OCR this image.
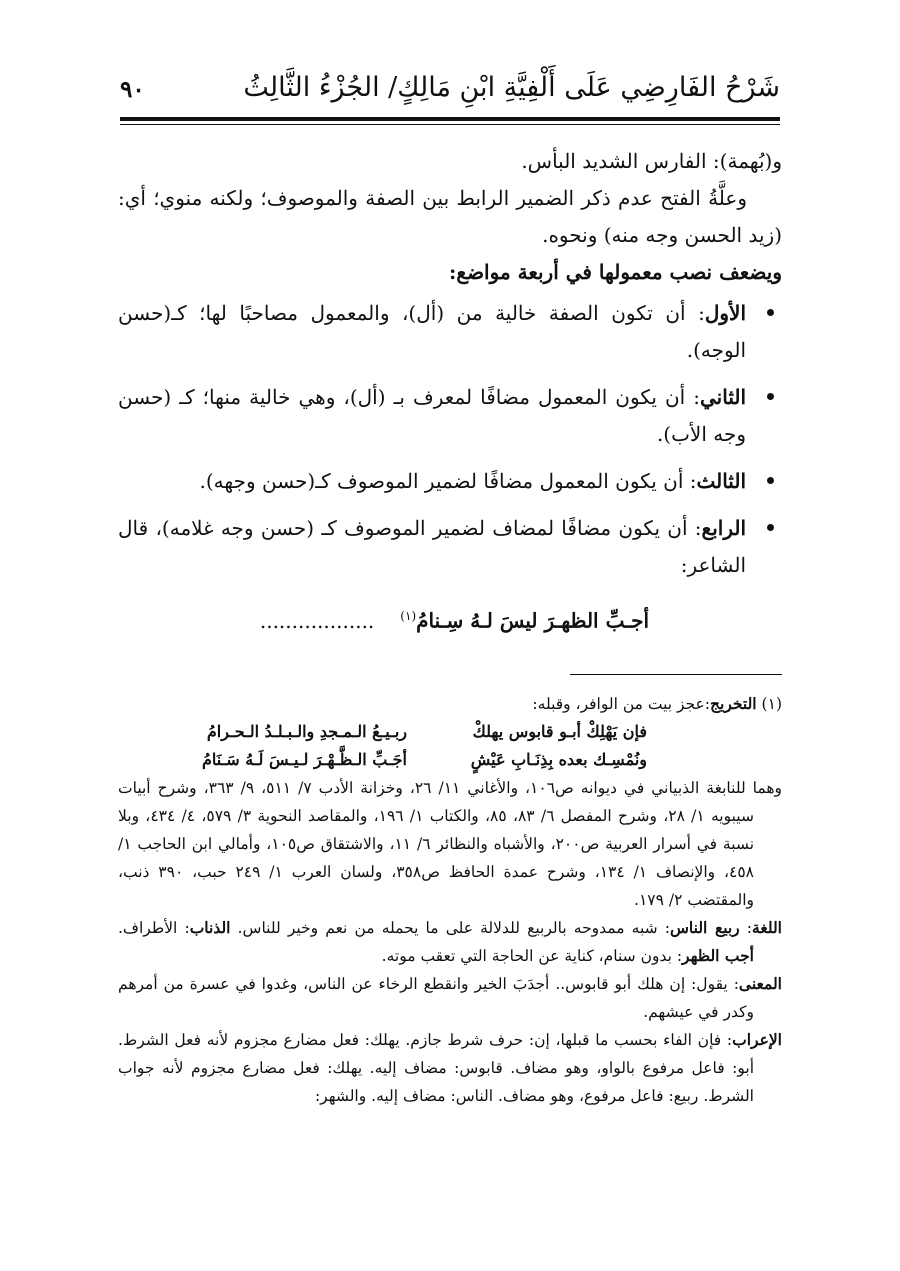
شَرْحُ الفَارِضِي عَلَى أَلْفِيَّةِ ابْنِ مَالِكٍ/ الجُزْءُ الثَّالِثُ
٩٠

و(بُهمة): الفارس الشديد البأس.

وعلَّةُ الفتح عدم ذكر الضمير الرابط بين الصفة والموصوف؛ ولكنه منوي؛ أي: (زيد الحسن وجه منه) ونحوه.

ويضعف نصب معمولها في أربعة مواضع:

الأول: أن تكون الصفة خالية من (أل)، والمعمول مصاحبًا لها؛ كـ(حسن الوجه).
الثاني: أن يكون المعمول مضافًا لمعرف بـ (أل)، وهي خالية منها؛ كـ (حسن وجه الأب).
الثالث: أن يكون المعمول مضافًا لضمير الموصوف كـ(حسن وجهه).
الرابع: أن يكون مضافًا لمضاف لضمير الموصوف كـ (حسن وجه غلامه)، قال الشاعر:
أجـبِّ الظهـرَ ليسَ لـهُ سِـنامُ$^{(١)}$..................

(١) التخريج:عجز بيت من الوافر، وقبله:

فإن يَهْلِكْ أبـو قابوس يهلكْ
ربـيـعُ الـمـجدِ والـبـلـدُ الـحـرامُ
ونُمْسِـك بعده بِذِنَـابِ عَيْشٍ
أجَـبِّ الـظَّـهْـرَ لـيـسَ لَـهُ سَـنَامُ

وهما للنابغة الذبياني في ديوانه ص١٠٦، والأغاني ١١/ ٢٦، وخزانة الأدب ٧/ ٥١١، ٩/ ٣٦٣، وشرح أبيات سيبويه ١/ ٢٨، وشرح المفصل ٦/ ٨٣، ٨٥، والكتاب ١/ ١٩٦، والمقاصد النحوية ٣/ ٥٧٩، ٤/ ٤٣٤، وبلا نسبة في أسرار العربية ص٢٠٠، والأشباه والنظائر ٦/ ١١، والاشتقاق ص١٠٥، وأمالي ابن الحاجب ١/ ٤٥٨، والإنصاف ١/ ١٣٤، وشرح عمدة الحافظ ص٣٥٨، ولسان العرب ١/ ٢٤٩ حبب، ٣٩٠ ذنب، والمقتضب ٢/ ١٧٩.

اللغة: ربيع الناس: شبه ممدوحه بالربيع للدلالة على ما يحمله من نعم وخير للناس. الذناب: الأطراف. أجب الظهر: بدون سنام، كناية عن الحاجة التي تعقب موته.

المعنى: يقول: إن هلك أبو قابوس.. أجدَبَ الخير وانقطع الرخاء عن الناس، وغدوا في عسرة من أمرهم وكدر في عيشهم.

الإعراب: فإن الفاء بحسب ما قبلها، إن: حرف شرط جازم. يهلك: فعل مضارع مجزوم لأنه فعل الشرط. أبو: فاعل مرفوع بالواو، وهو مضاف. قابوس: مضاف إليه. يهلك: فعل مضارع مجزوم لأنه جواب الشرط. ربيع: فاعل مرفوع، وهو مضاف. الناس: مضاف إليه. والشهر:
